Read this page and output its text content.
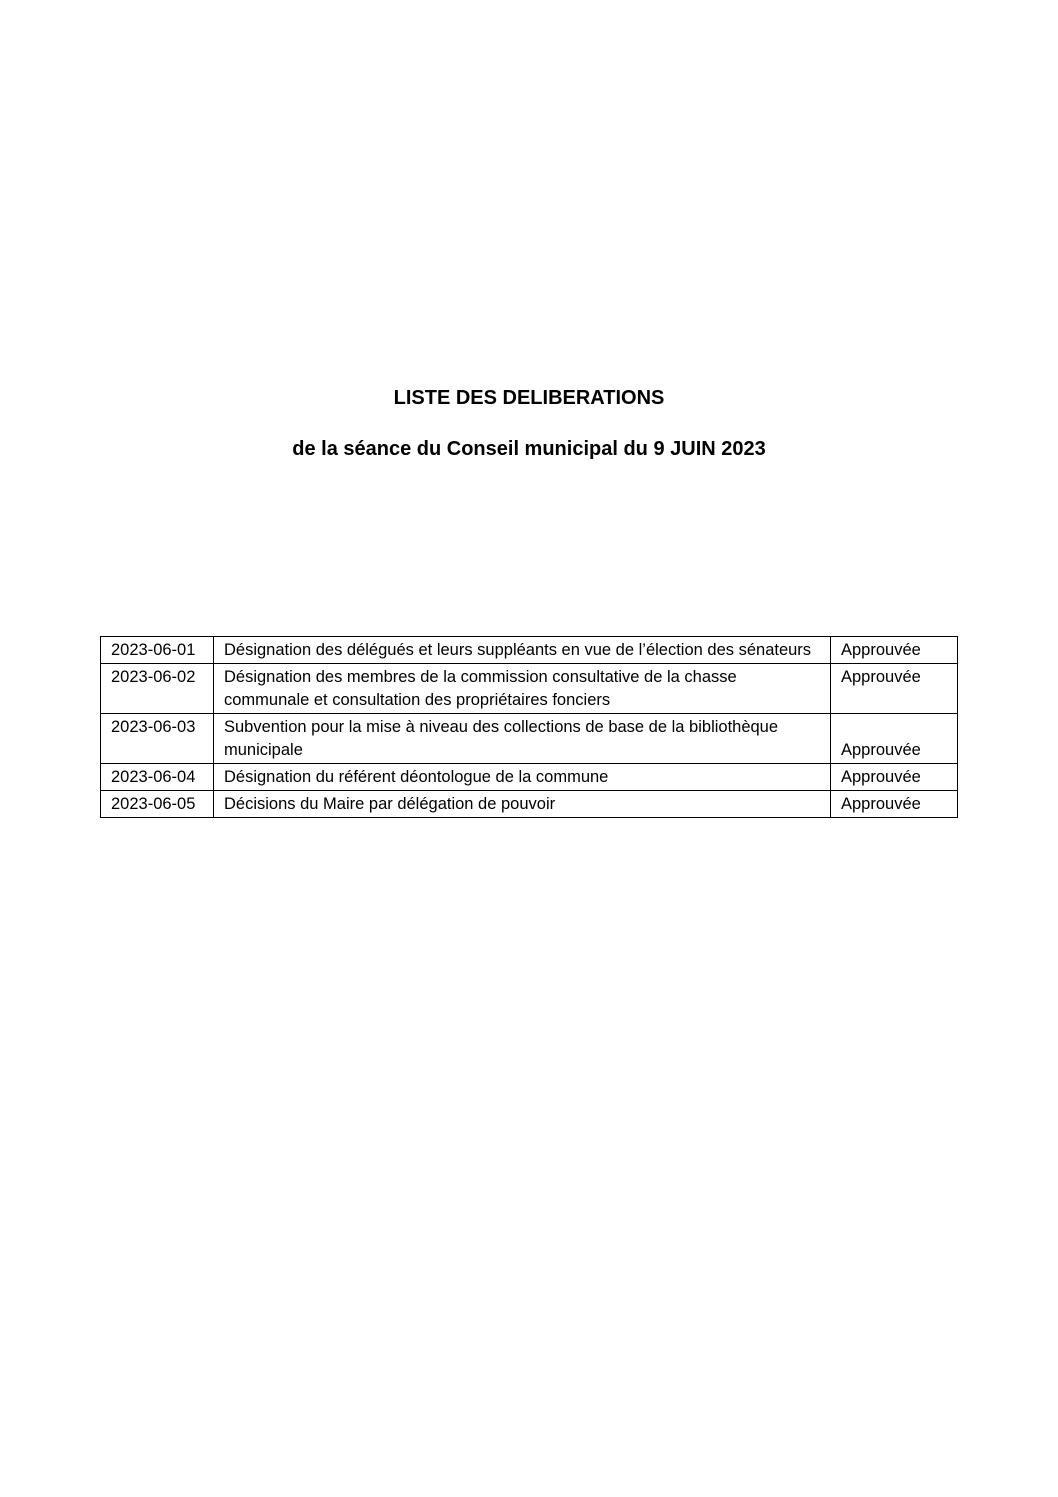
LISTE DES DELIBERATIONS
de la séance du Conseil municipal du 9 JUIN 2023
2023-06-01	Désignation des délégués et leurs suppléants en vue de l’élection des sénateurs	Approuvée
2023-06-02	Désignation des membres de la commission consultative de la chasse communale et consultation des propriétaires fonciers	Approuvée
2023-06-03	Subvention pour la mise à niveau des collections de base de la bibliothèque municipale	Approuvée
2023-06-04	Désignation du référent déontologue de la commune	Approuvée
2023-06-05	Décisions du Maire par délégation de pouvoir	Approuvée
